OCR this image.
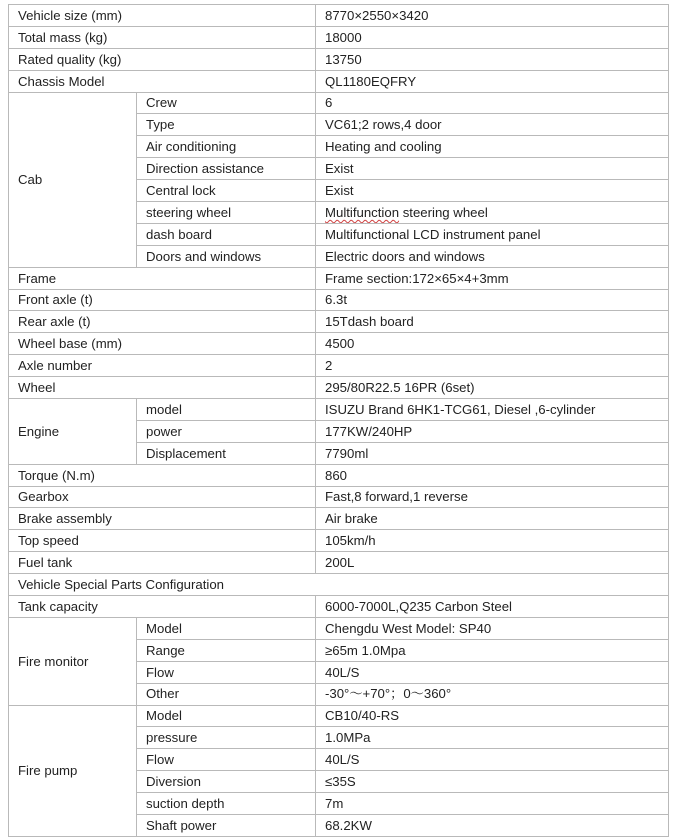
Vehicle size (mm)		8770×2550×3420
Total mass (kg)		18000
Rated quality (kg)		13750
Chassis Model		QL1180EQFRY
Cab	Crew	6
	Type	VC61;2 rows,4 door
	Air conditioning	Heating and cooling
	Direction assistance	Exist
	Central lock	Exist
	steering wheel	Multifunction steering wheel
	dash board	Multifunctional LCD instrument panel
	Doors and windows	Electric doors and windows
Frame		Frame section:172×65×4+3mm
Front axle (t)		6.3t
Rear axle (t)		15Tdash board
Wheel base (mm)		4500
Axle number		2
Wheel		295/80R22.5 16PR (6set)
Engine	model	ISUZU Brand 6HK1-TCG61, Diesel ,6-cylinder
	power	177KW/240HP
	Displacement	7790ml
Torque (N.m)		860
Gearbox		Fast,8 forward,1 reverse
Brake assembly		Air brake
Top speed		105km/h
Fuel tank		200L
Vehicle Special Parts Configuration		
Tank capacity		6000-7000L,Q235 Carbon Steel
Fire monitor	Model	Chengdu West Model: SP40
	Range	≥65m 1.0Mpa
	Flow	40L/S
	Other	-30°～+70°；0～360°
Fire pump	Model	CB10/40-RS
	pressure	1.0MPa
	Flow	40L/S
	Diversion	≤35S
	suction depth	7m
	Shaft power	68.2KW
